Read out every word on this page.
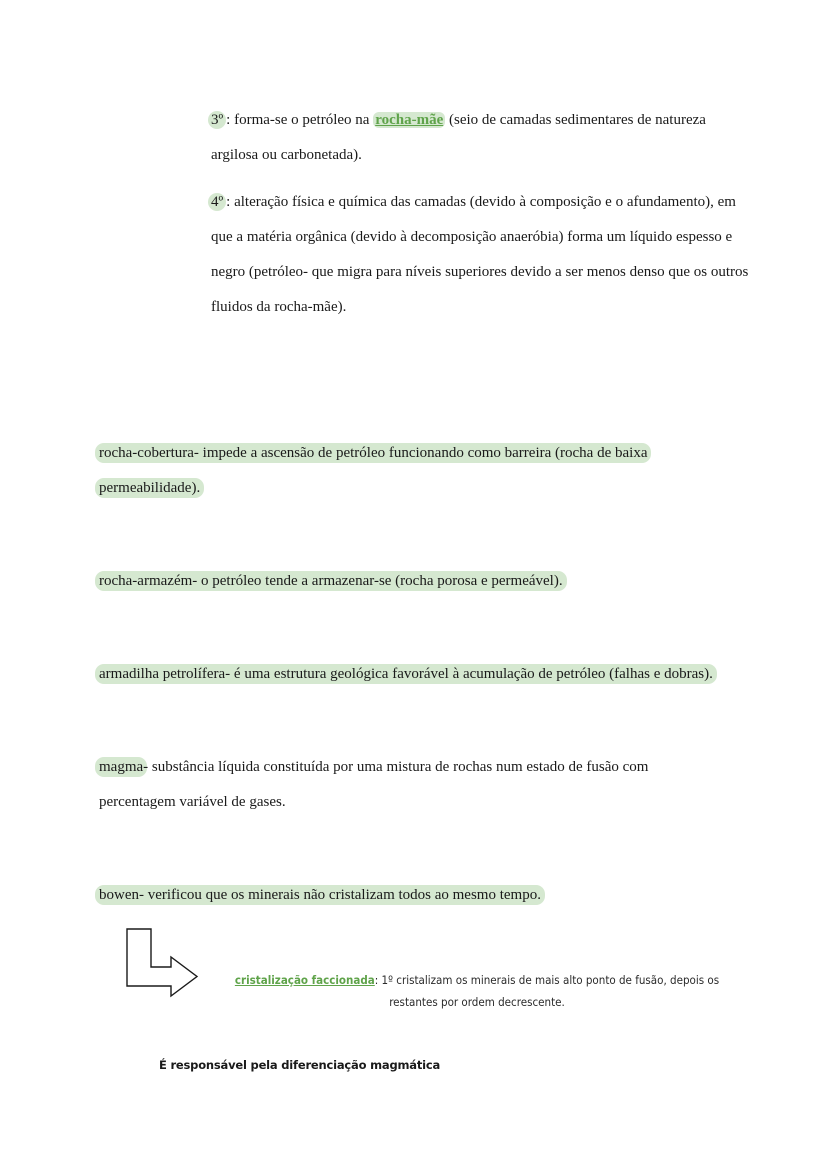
3º : forma-se o petróleo na rocha-mãe (seio de camadas sedimentares de natureza argilosa ou carbonetada).

4º : alteração física e química das camadas (devido à composição e o afundamento), em que a matéria orgânica (devido à decomposição anaeróbia) forma um líquido espesso e negro (petróleo- que migra para níveis superiores devido a ser menos denso que os outros fluidos da rocha-mãe).

rocha-cobertura- impede a ascensão de petróleo funcionando como barreira (rocha de baixa permeabilidade).

rocha-armazém- o petróleo tende a armazenar-se (rocha porosa e permeável).

armadilha petrolífera- é uma estrutura geológica favorável à acumulação de petróleo (falhas e dobras).

magma- substância líquida constituída por uma mistura de rochas num estado de fusão com percentagem variável de gases.

bowen- verificou que os minerais não cristalizam todos ao mesmo tempo.

cristalização faccionada: 1º cristalizam os minerais de mais alto ponto de fusão, depois os restantes por ordem decrescente.
É responsável pela diferenciação magmática
